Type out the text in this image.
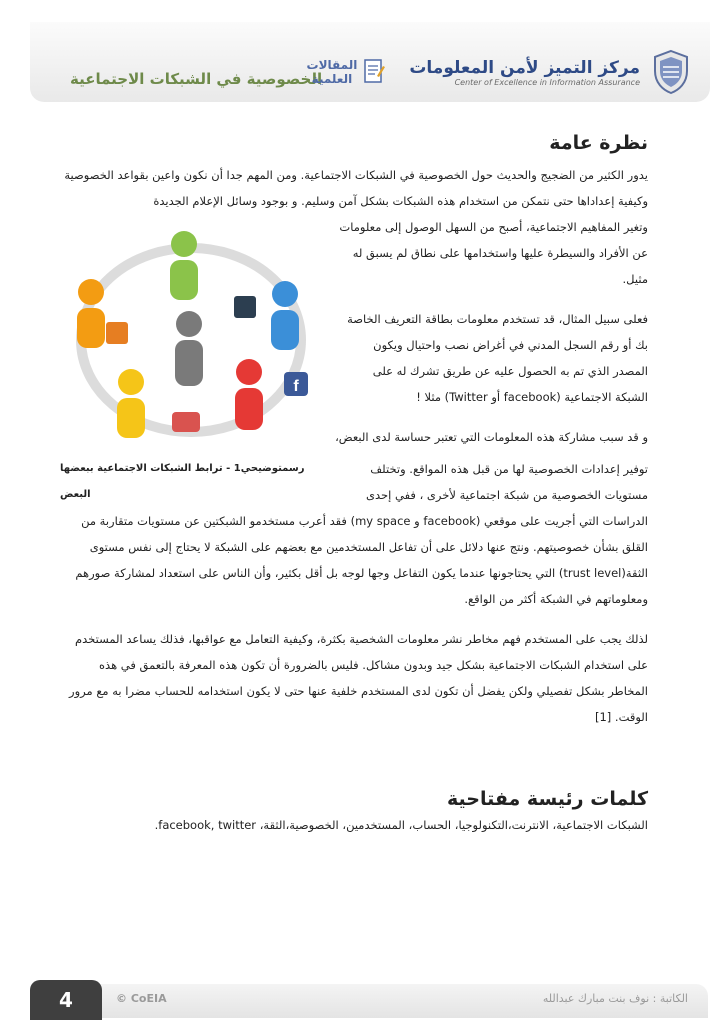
الخصوصية في الشبكات الاجتماعية
المقالات
العلمية
مركز التميز لأمن المعلومات
Center of Excellence in Information Assurance
f
نظرة عامة

يدور الكثير من الضجيج والحديث حول الخصوصية في الشبكات الاجتماعية. ومن المهم جدا أن نكون واعين بقواعد الخصوصية وكيفية إعداداها حتى نتمكن من استخدام هذه الشبكات بشكل آمن وسليم. و بوجود وسائل الإعلام الجديدة

وتغير المفاهيم الاجتماعية، أصبح من السهل الوصول إلى معلومات عن الأفراد والسيطرة عليها واستخدامها على نطاق لم يسبق له مثيل.

فعلى سبيل المثال، قد تستخدم معلومات بطاقة التعريف الخاصة بك أو رقم السجل المدني في أغراض نصب واحتيال ويكون المصدر الذي تم به الحصول عليه عن طريق تشرك له على الشبكة الاجتماعية (facebook أو Twitter) مثلا !

و قد سبب مشاركة هذه المعلومات التي تعتبر حساسة لدى البعض،

توفير إعدادات الخصوصية لها من قبل هذه المواقع. وتختلف مستويات الخصوصية من شبكة اجتماعية لأخرى ، ففي إحدى

رسمتوضيحي1 - ترابط الشبكات الاجتماعية ببعضها البعض

الدراسات التي أجريت على موقعي (facebook و my space) فقد أعرب مستخدمو الشبكتين عن مستويات متقاربة من القلق بشأن خصوصيتهم. ونتج عنها دلائل على أن تفاعل المستخدمين مع بعضهم على الشبكة لا يحتاج إلى نفس مستوى الثقة(trust level) التي يحتاجونها عندما يكون التفاعل وجها لوجه بل أقل بكثير، وأن الناس على استعداد لمشاركة صورهم ومعلوماتهم في الشبكة أكثر من الواقع.

لذلك يجب على المستخدم فهم مخاطر نشر معلومات الشخصية بكثرة، وكيفية التعامل مع عواقبها، فذلك يساعد المستخدم على استخدام الشبكات الاجتماعية بشكل جيد وبدون مشاكل. فليس بالضرورة أن تكون هذه المعرفة بالتعمق في هذه المخاطر بشكل تفصيلي ولكن يفضل أن تكون لدى المستخدم خلفية عنها حتى لا يكون استخدامه للحساب مضرا به مع مرور الوقت. [1]

كلمات رئيسة مفتاحية

الشبكات الاجتماعية، الانترنت،التكنولوجيا، الحساب، المستخدمين، الخصوصية،الثقة، facebook, twitter.

4	© CoEIA	الكاتبة : نوف بنت مبارك عبدالله
